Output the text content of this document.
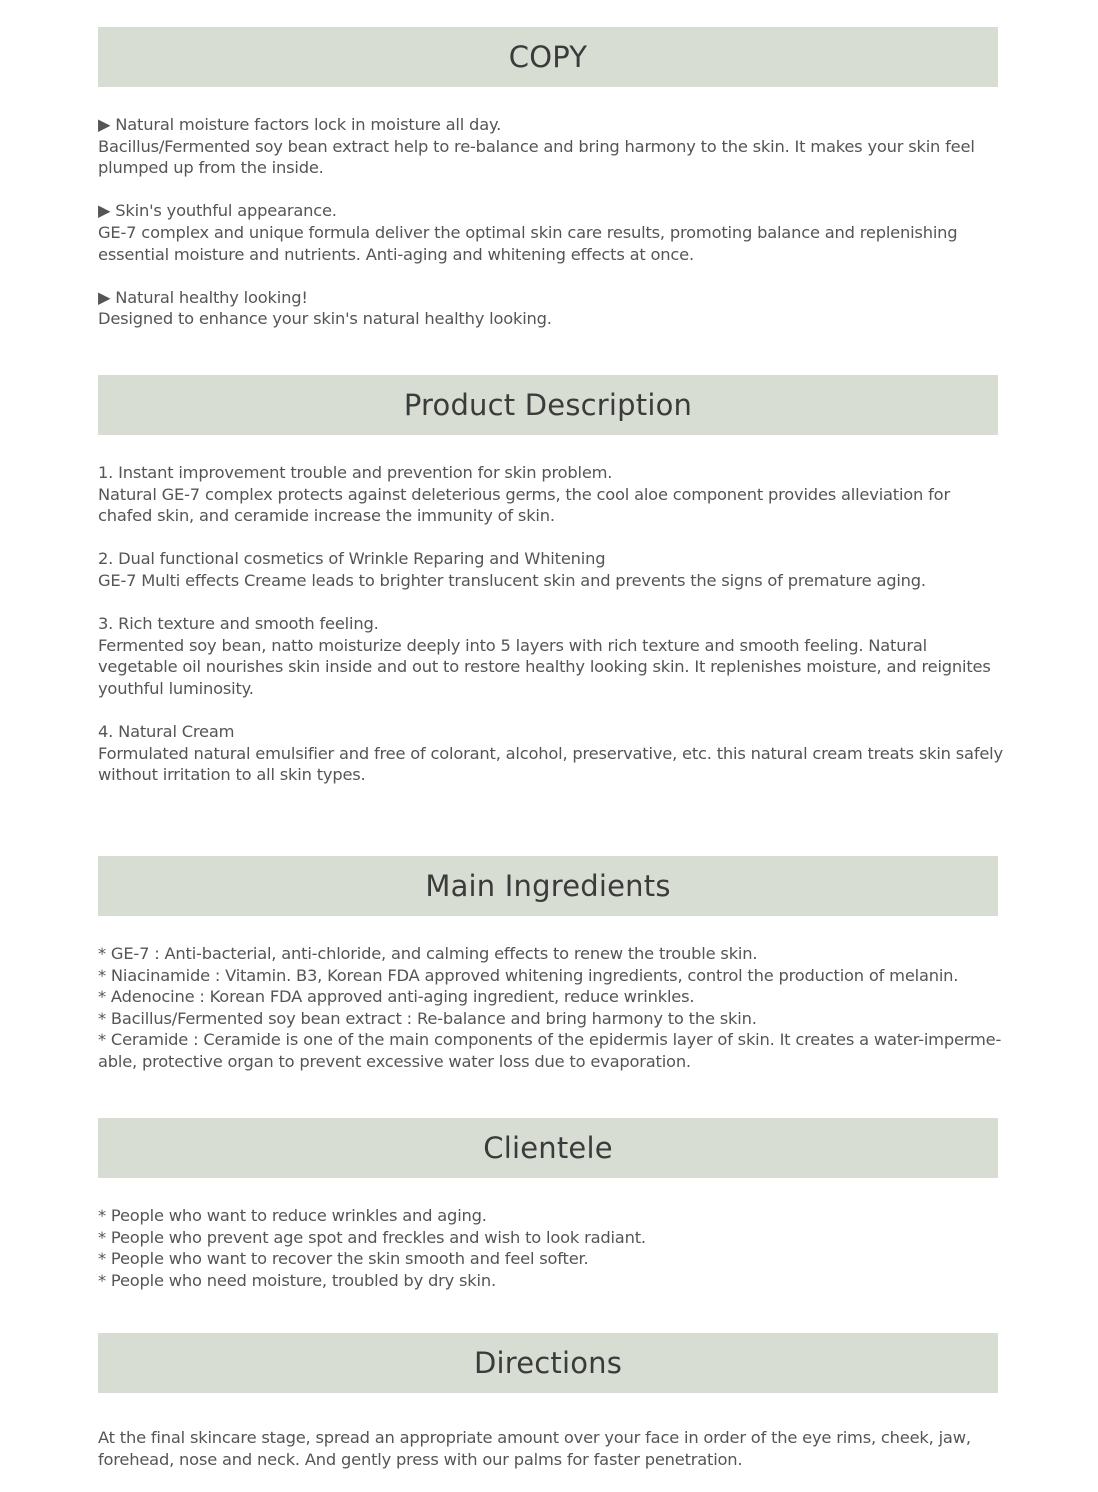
COPY
▶ Natural moisture factors lock in moisture all day.
Bacillus/Fermented soy bean extract help to re-balance and bring harmony to the skin. It makes your skin feel plumped up from the inside.
▶ Skin's youthful appearance.
GE-7 complex and unique formula deliver the optimal skin care results, promoting balance and replenishing essential moisture and nutrients. Anti-aging and whitening effects at once.
▶ Natural healthy looking!
Designed to enhance your skin's natural healthy looking.
Product Description
1. Instant improvement trouble and prevention for skin problem.
Natural GE-7 complex protects against deleterious germs, the cool aloe component provides alleviation for chafed skin, and ceramide increase the immunity of skin.
2. Dual functional cosmetics of Wrinkle Reparing and Whitening
GE-7 Multi effects Creame leads to brighter translucent skin and prevents the signs of premature aging.
3. Rich texture and smooth feeling.
Fermented soy bean, natto moisturize deeply into 5 layers with rich texture and smooth feeling. Natural vegetable oil nourishes skin inside and out to restore healthy looking skin. It replenishes moisture, and reignites youthful luminosity.
4. Natural Cream
Formulated natural emulsifier and free of colorant, alcohol, preservative, etc. this natural cream treats skin safely without irritation to all skin types.
Main Ingredients
* GE-7 : Anti-bacterial, anti-chloride, and calming effects to renew the trouble skin.
* Niacinamide : Vitamin. B3, Korean FDA approved whitening ingredients, control the production of melanin.
* Adenocine : Korean FDA approved anti-aging ingredient, reduce wrinkles.
* Bacillus/Fermented soy bean extract : Re-balance and bring harmony to the skin.
* Ceramide : Ceramide is one of the main components of the epidermis layer of skin. It creates a water-imperme-able, protective organ to prevent excessive water loss due to evaporation.
Clientele
* People who want to reduce wrinkles and aging.
* People who prevent age spot and freckles and wish to look radiant.
* People who want to recover the skin smooth and feel softer.
* People who need moisture, troubled by dry skin.
Directions
At the final skincare stage, spread an appropriate amount over your face in order of the eye rims, cheek, jaw, forehead, nose and neck. And gently press with our palms for faster penetration.
